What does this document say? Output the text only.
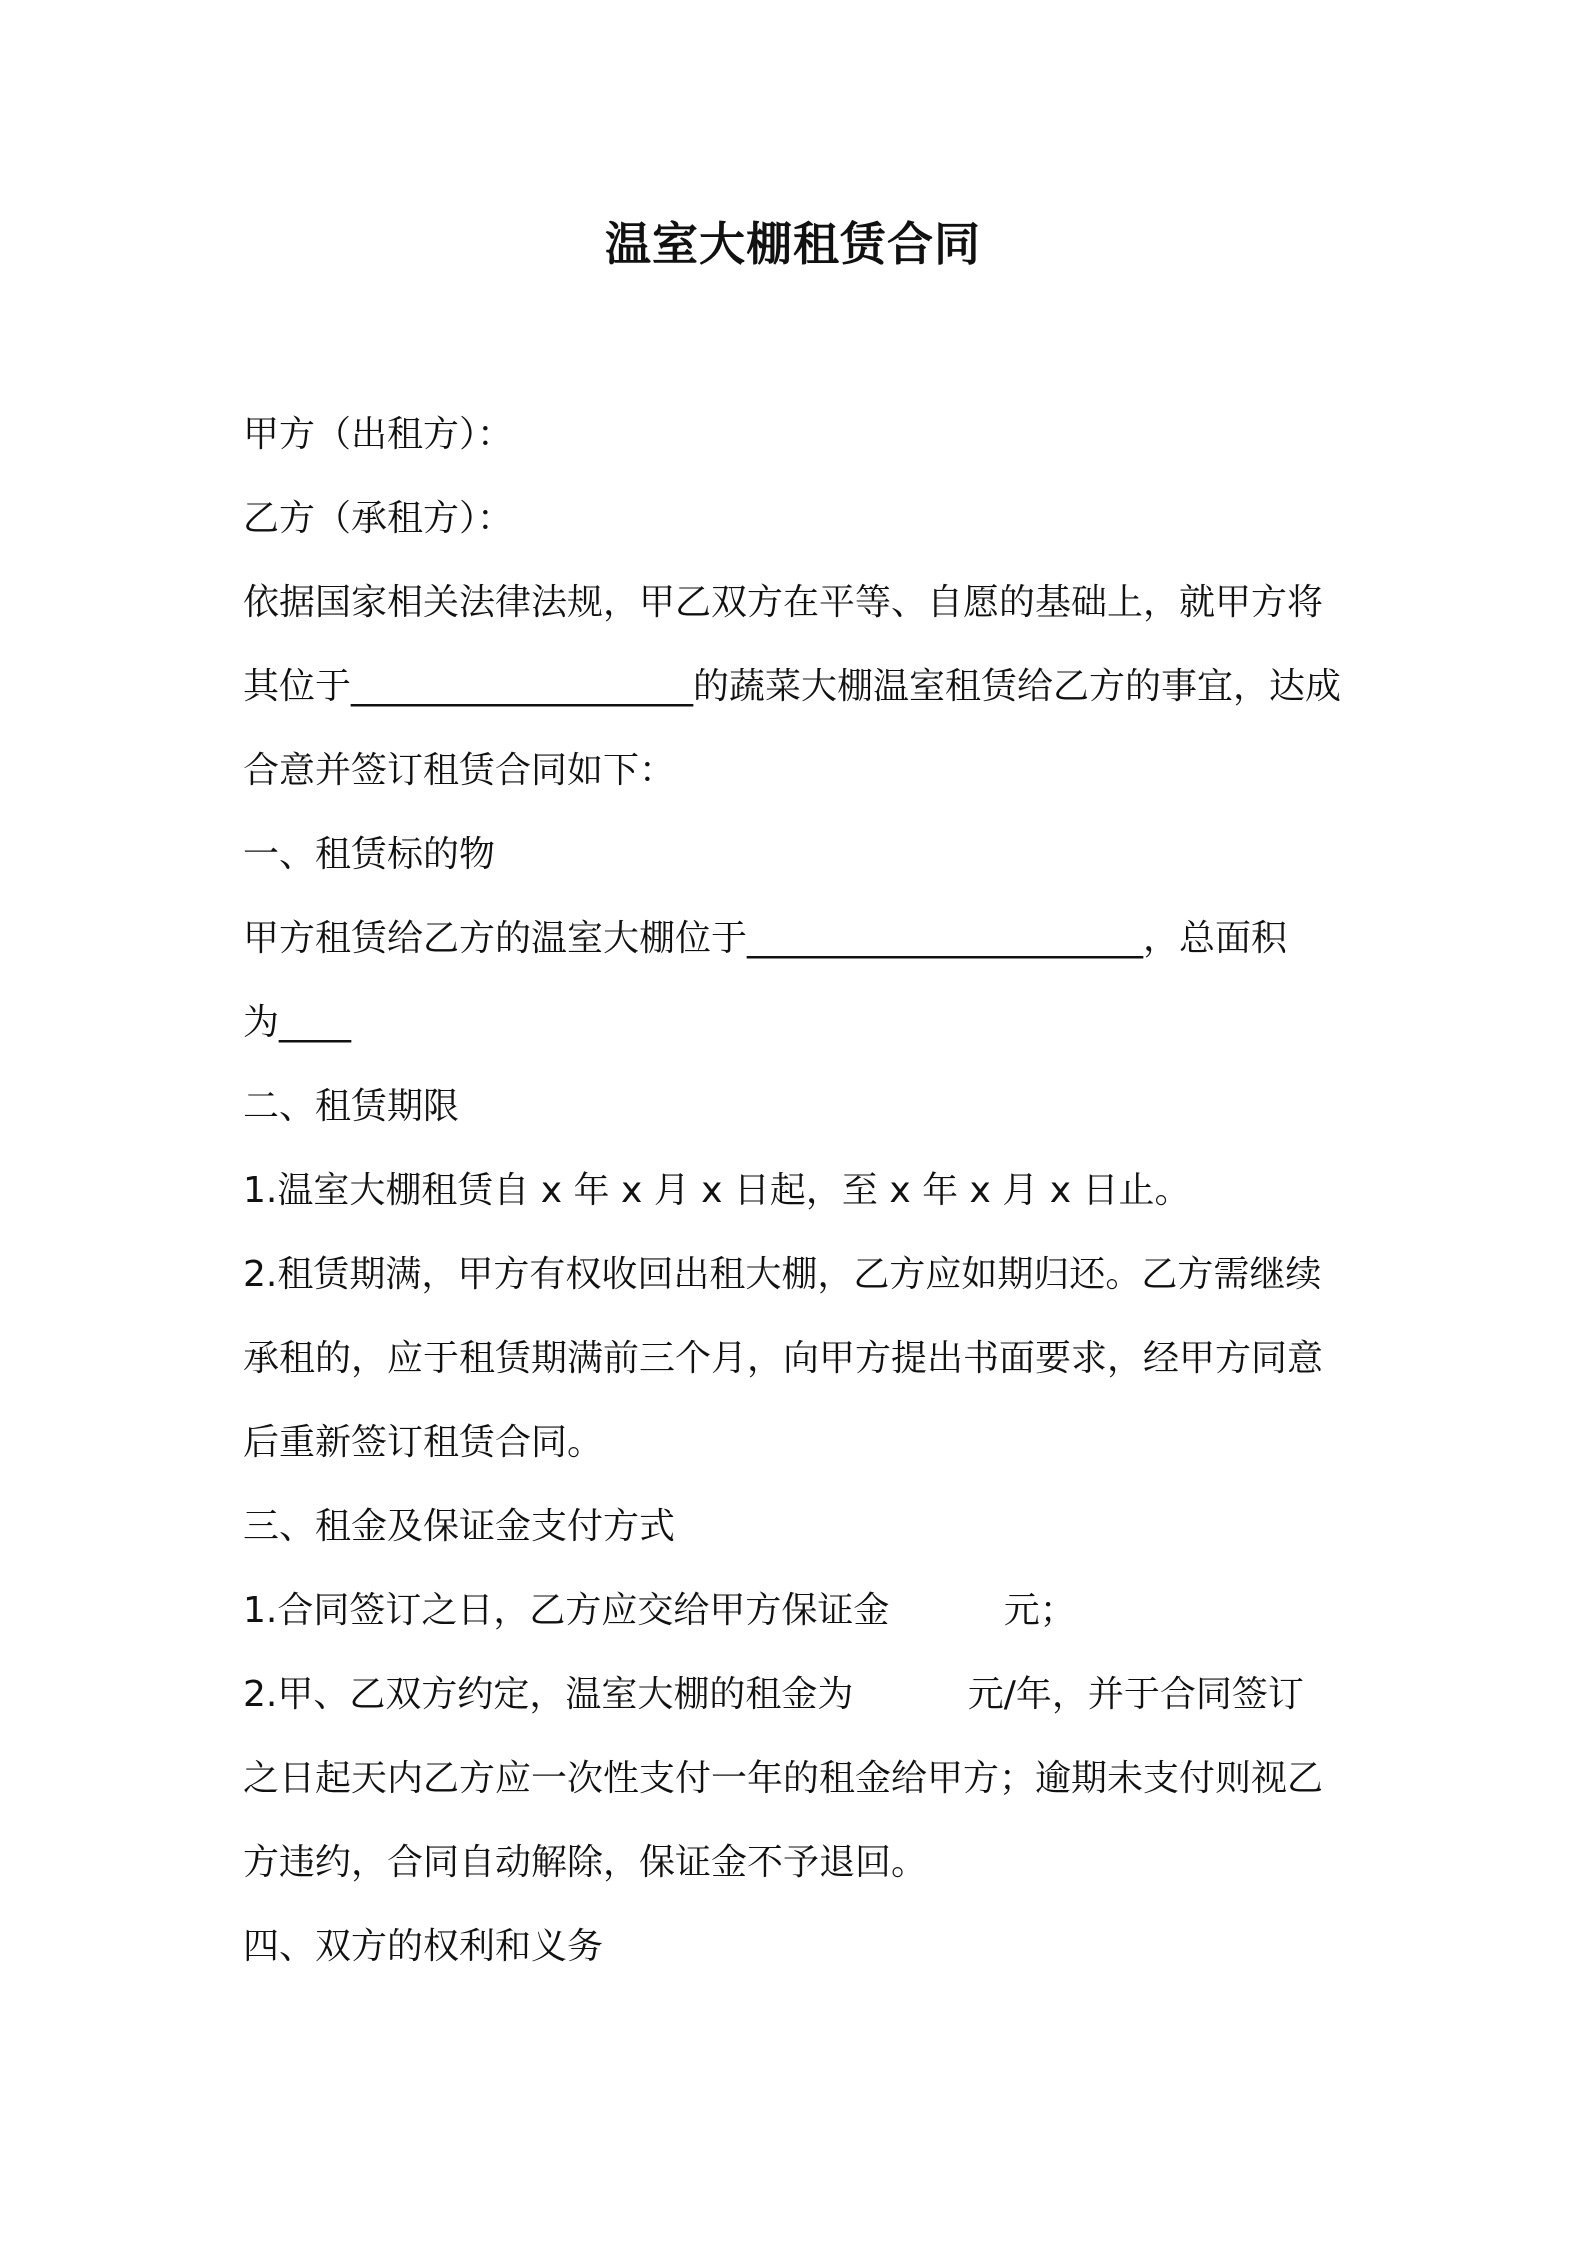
温室大棚租赁合同
甲方（出租方）：
乙方（承租方）：
依据国家相关法律法规，甲乙双方在平等、自愿的基础上，就甲方将
其位于___________________的蔬菜大棚温室租赁给乙方的事宜，达成
合意并签订租赁合同如下：
一、租赁标的物
甲方租赁给乙方的温室大棚位于______________________，总面积
为____
二、租赁期限
1.温室大棚租赁自 x 年 x 月 x 日起，至 x 年 x 月 x 日止。
2.租赁期满，甲方有权收回出租大棚，乙方应如期归还。乙方需继续
承租的，应于租赁期满前三个月，向甲方提出书面要求，经甲方同意
后重新签订租赁合同。
三、租金及保证金支付方式
1.合同签订之日，乙方应交给甲方保证金          元；
2.甲、乙双方约定，温室大棚的租金为          元/年，并于合同签订
之日起天内乙方应一次性支付一年的租金给甲方；逾期未支付则视乙
方违约，合同自动解除，保证金不予退回。
四、双方的权利和义务
